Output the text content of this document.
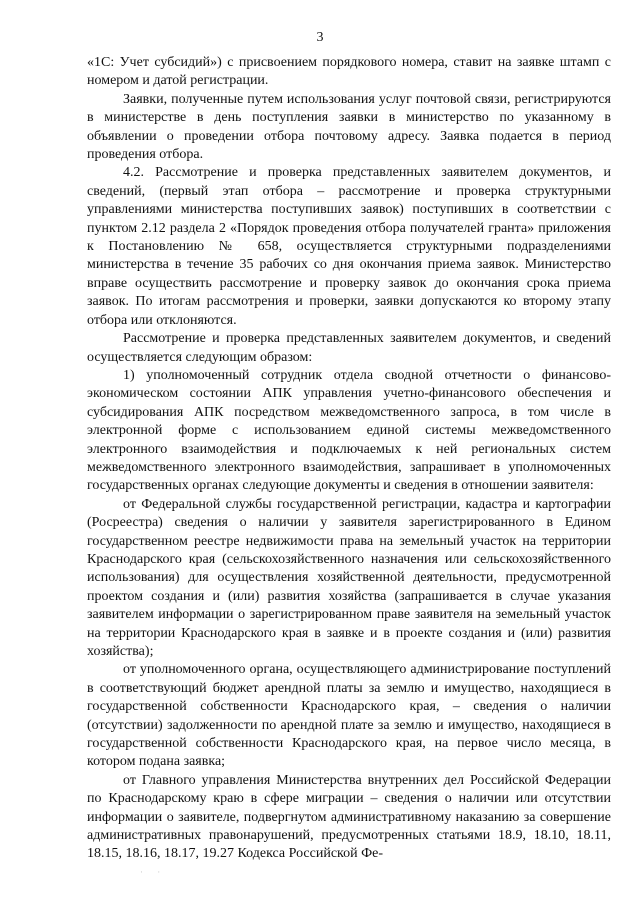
3

«1С: Учет субсидий») с присвоением порядкового номера, ставит на заявке штамп с номером и датой регистрации.

Заявки, полученные путем использования услуг почтовой связи, регистрируются в министерстве в день поступления заявки в министерство по указанному в объявлении о проведении отбора почтовому адресу. Заявка подается в период проведения отбора.

4.2. Рассмотрение и проверка представленных заявителем документов, и сведений, (первый этап отбора – рассмотрение и проверка структурными управлениями министерства поступивших заявок) поступивших в соответствии с пунктом 2.12 раздела 2 «Порядок проведения отбора получателей гранта» приложения к Постановлению № 658, осуществляется структурными подразделениями министерства в течение 35 рабочих со дня окончания приема заявок. Министерство вправе осуществить рассмотрение и проверку заявок до окончания срока приема заявок. По итогам рассмотрения и проверки, заявки допускаются ко второму этапу отбора или отклоняются.

Рассмотрение и проверка представленных заявителем документов, и сведений осуществляется следующим образом:

1) уполномоченный сотрудник отдела сводной отчетности о финансово-экономическом состоянии АПК управления учетно-финансового обеспечения и субсидирования АПК посредством межведомственного запроса, в том числе в электронной форме с использованием единой системы межведомственного электронного взаимодействия и подключаемых к ней региональных систем межведомственного электронного взаимодействия, запрашивает в уполномоченных государственных органах следующие документы и сведения в отношении заявителя:

от Федеральной службы государственной регистрации, кадастра и картографии (Росреестра) сведения о наличии у заявителя зарегистрированного в Едином государственном реестре недвижимости права на земельный участок на территории Краснодарского края (сельскохозяйственного назначения или сельскохозяйственного использования) для осуществления хозяйственной деятельности, предусмотренной проектом создания и (или) развития хозяйства (запрашивается в случае указания заявителем информации о зарегистрированном праве заявителя на земельный участок на территории Краснодарского края в заявке и в проекте создания и (или) развития хозяйства);

от уполномоченного органа, осуществляющего администрирование поступлений в соответствующий бюджет арендной платы за землю и имущество, находящиеся в государственной собственности Краснодарского края, – сведения о наличии (отсутствии) задолженности по арендной плате за землю и имущество, находящиеся в государственной собственности Краснодарского края, на первое число месяца, в котором подана заявка;

от Главного управления Министерства внутренних дел Российской Федерации по Краснодарскому краю в сфере миграции – сведения о наличии или отсутствии информации о заявителе, подвергнутом административному наказанию за совершение административных правонарушений, предусмотренных статьями 18.9, 18.10, 18.11, 18.15, 18.16, 18.17, 19.27 Кодекса Российской Фе-

· ·
